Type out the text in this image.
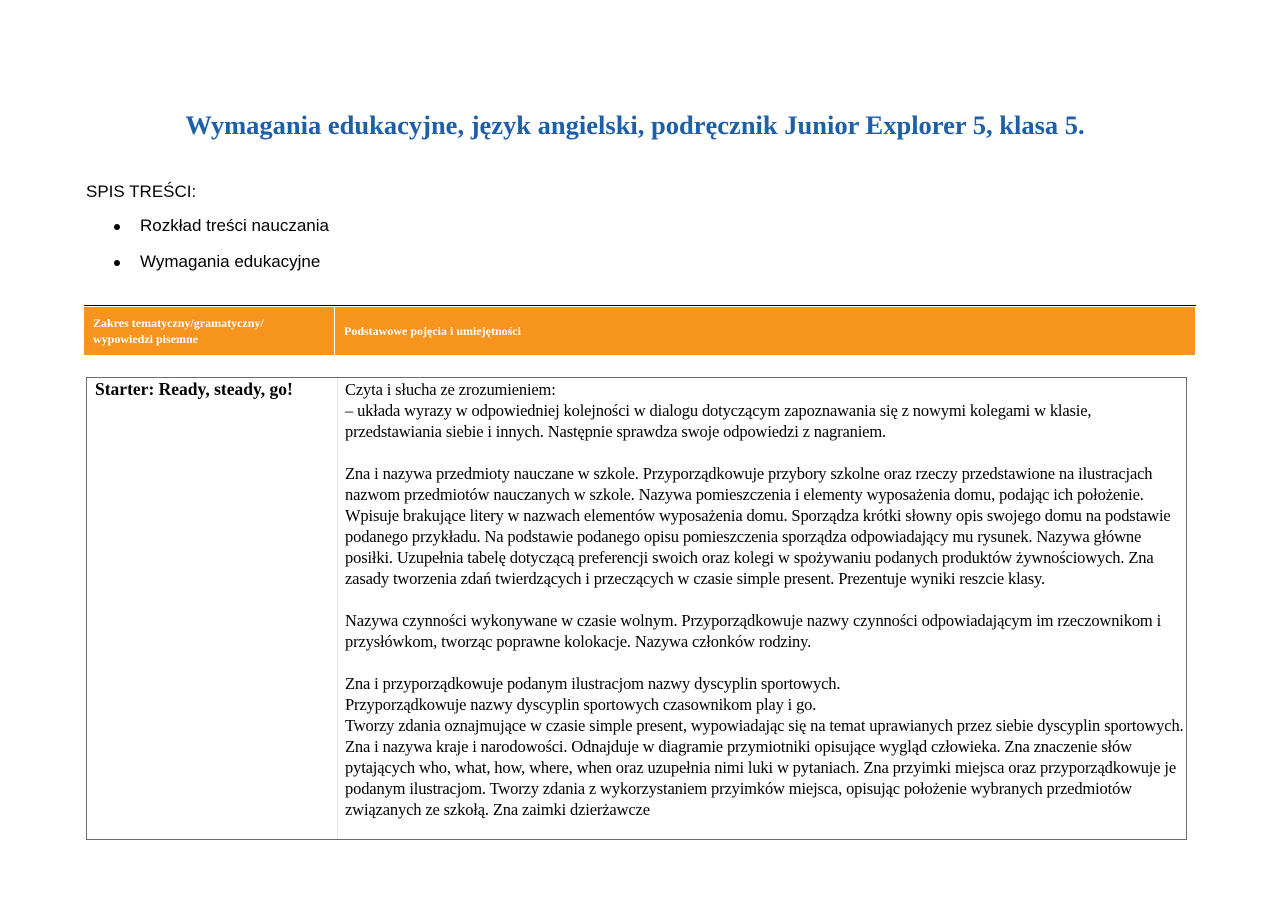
Wymagania edukacyjne, język angielski, podręcznik Junior Explorer 5, klasa 5.
SPIS TREŚCI:
Rozkład treści nauczania
Wymagania edukacyjne
Zakres tematyczny/gramatyczny/
wypowiedzi pisemne
Podstawowe pojęcia i umiejętności
Starter: Ready, steady, go!	Czyta i słucha ze zrozumieniem:
– układa wyrazy w odpowiedniej kolejności w dialogu dotyczącym zapoznawania się z nowymi kolegami w klasie, przedstawiania siebie i innych. Następnie sprawdza swoje odpowiedzi z nagraniem.

Zna i nazywa przedmioty nauczane w szkole. Przyporządkowuje przybory szkolne oraz rzeczy przedstawione na ilustracjach nazwom przedmiotów nauczanych w szkole. Nazywa pomieszczenia i elementy wyposażenia domu, podając ich położenie. Wpisuje brakujące litery w nazwach elementów wyposażenia domu. Sporządza krótki słowny opis swojego domu na podstawie podanego przykładu. Na podstawie podanego opisu pomieszczenia sporządza odpowiadający mu rysunek. Nazywa główne posiłki. Uzupełnia tabelę dotyczącą preferencji swoich oraz kolegi w spożywaniu podanych produktów żywnościowych. Zna zasady tworzenia zdań twierdzących i przeczących w czasie simple present. Prezentuje wyniki reszcie klasy.

Nazywa czynności wykonywane w czasie wolnym. Przyporządkowuje nazwy czynności odpowiadającym im rzeczownikom i przysłówkom, tworząc poprawne kolokacje. Nazywa członków rodziny.

Zna i przyporządkowuje podanym ilustracjom nazwy dyscyplin sportowych.
Przyporządkowuje nazwy dyscyplin sportowych czasownikom play i go.
Tworzy zdania oznajmujące w czasie simple present, wypowiadając się na temat uprawianych przez siebie dyscyplin sportowych. Zna i nazywa kraje i narodowości. Odnajduje w diagramie przymiotniki opisujące wygląd człowieka. Zna znaczenie słów pytających who, what, how, where, when oraz uzupełnia nimi luki w pytaniach. Zna przyimki miejsca oraz przyporządkowuje je podanym ilustracjom. Tworzy zdania z wykorzystaniem przyimków miejsca, opisując położenie wybranych przedmiotów związanych ze szkołą. Zna zaimki dzierżawcze
